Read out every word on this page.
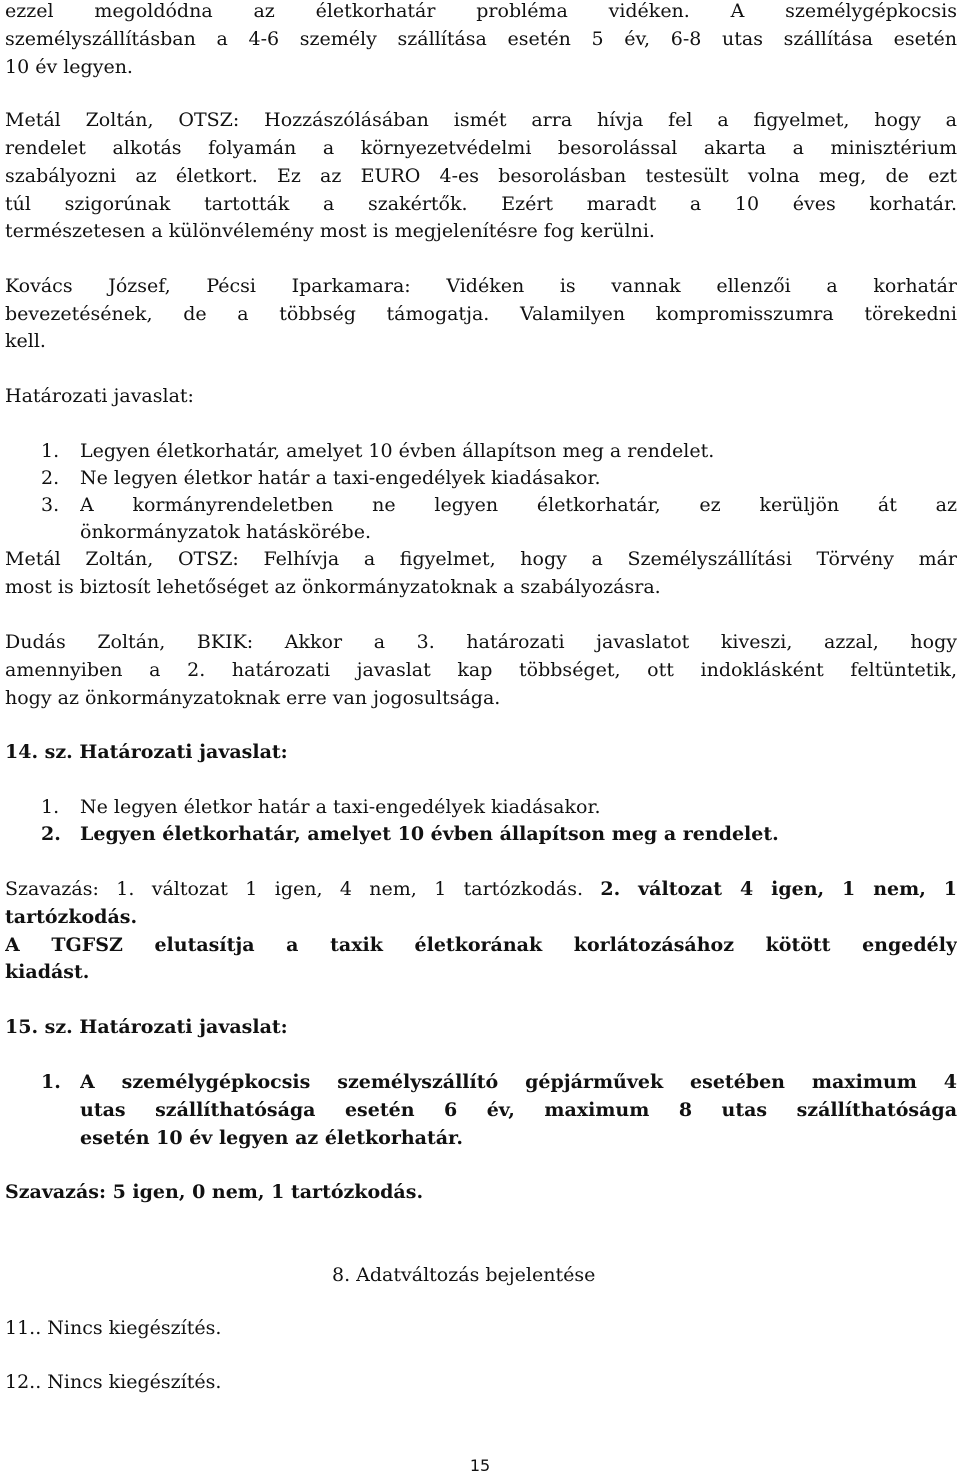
ezzel megoldódna az életkorhatár probléma vidéken. A személygépkocsis
személyszállításban a 4-6 személy szállítása esetén 5 év, 6-8 utas szállítása esetén
10 év legyen.
Metál Zoltán, OTSZ: Hozzászólásában ismét arra hívja fel a figyelmet, hogy a
rendelet alkotás folyamán a környezetvédelmi besorolással akarta a minisztérium
szabályozni az életkort. Ez az EURO 4-es besorolásban testesült volna meg, de ezt
túl szigorúnak tartották a szakértők. Ezért maradt a 10 éves korhatár.
természetesen a különvélemény most is megjelenítésre fog kerülni.
Kovács József, Pécsi Iparkamara: Vidéken is vannak ellenzői a korhatár
bevezetésének, de a többség támogatja. Valamilyen kompromisszumra törekedni
kell.
Határozati javaslat:
1. Legyen életkorhatár, amelyet 10 évben állapítson meg a rendelet.
2. Ne legyen életkor határ a taxi-engedélyek kiadásakor.
3. A kormányrendeletben ne legyen életkorhatár, ez kerüljön át az
önkormányzatok hatáskörébe.
Metál Zoltán, OTSZ: Felhívja a figyelmet, hogy a Személyszállítási Törvény már
most is biztosít lehetőséget az önkormányzatoknak a szabályozásra.
Dudás Zoltán, BKIK: Akkor a 3. határozati javaslatot kiveszi, azzal, hogy
amennyiben a 2. határozati javaslat kap többséget, ott indoklásként feltüntetik,
hogy az önkormányzatoknak erre van jogosultsága.
14. sz. Határozati javaslat:
1. Ne legyen életkor határ a taxi-engedélyek kiadásakor.
2. Legyen életkorhatár, amelyet 10 évben állapítson meg a rendelet.
Szavazás: 1. változat 1 igen, 4 nem, 1 tartózkodás. 2. változat 4 igen, 1 nem, 1
tartózkodás.
A TGFSZ elutasítja a taxik életkorának korlátozásához kötött engedély
kiadást.
15. sz. Határozati javaslat:
1. A személygépkocsis személyszállító gépjárművek esetében maximum 4
utas szállíthatósága esetén 6 év, maximum 8 utas szállíthatósága
esetén 10 év legyen az életkorhatár.
Szavazás: 5 igen, 0 nem, 1 tartózkodás.
8. Adatváltozás bejelentése
11.. Nincs kiegészítés.
12.. Nincs kiegészítés.
15
